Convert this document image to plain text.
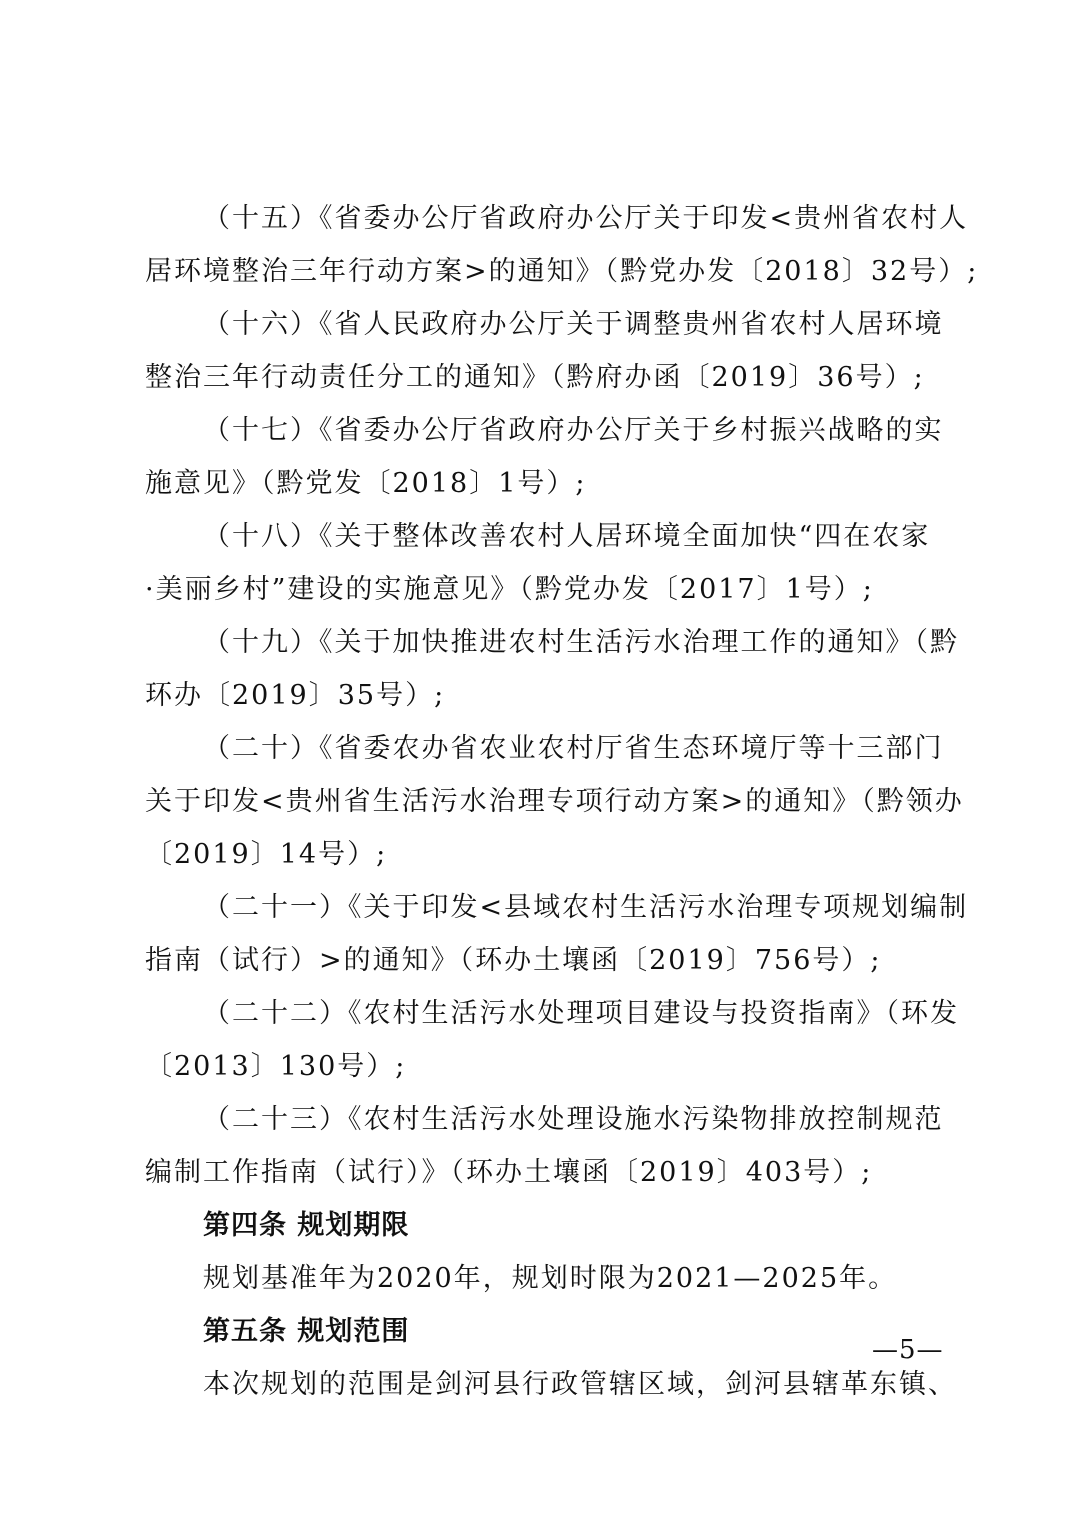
（十五）《省委办公厅省政府办公厅关于印发<贵州省农村人
居环境整治三年行动方案>的通知》（黔党办发〔2018〕32号）;

（十六）《省人民政府办公厅关于调整贵州省农村人居环境
整治三年行动责任分工的通知》（黔府办函〔2019〕36号）;

（十七）《省委办公厅省政府办公厅关于乡村振兴战略的实
施意见》（黔党发〔2018〕1号）;

（十八）《关于整体改善农村人居环境全面加快“四在农家
·美丽乡村”建设的实施意见》（黔党办发〔2017〕1号）;

（十九）《关于加快推进农村生活污水治理工作的通知》（黔
环办〔2019〕35号）;

（二十）《省委农办省农业农村厅省生态环境厅等十三部门
关于印发<贵州省生活污水治理专项行动方案>的通知》（黔领办
〔2019〕14号）;

（二十一）《关于印发<县域农村生活污水治理专项规划编制
指南（试行）>的通知》（环办土壤函〔2019〕756号）;

（二十二）《农村生活污水处理项目建设与投资指南》（环发
〔2013〕130号）;

（二十三）《农村生活污水处理设施水污染物排放控制规范
编制工作指南（试行）》（环办土壤函〔2019〕403号）;

第四条 规划期限

规划基准年为2020年，规划时限为2021—2025年。

第五条 规划范围

本次规划的范围是剑河县行政管辖区域，剑河县辖革东镇、

—5—
